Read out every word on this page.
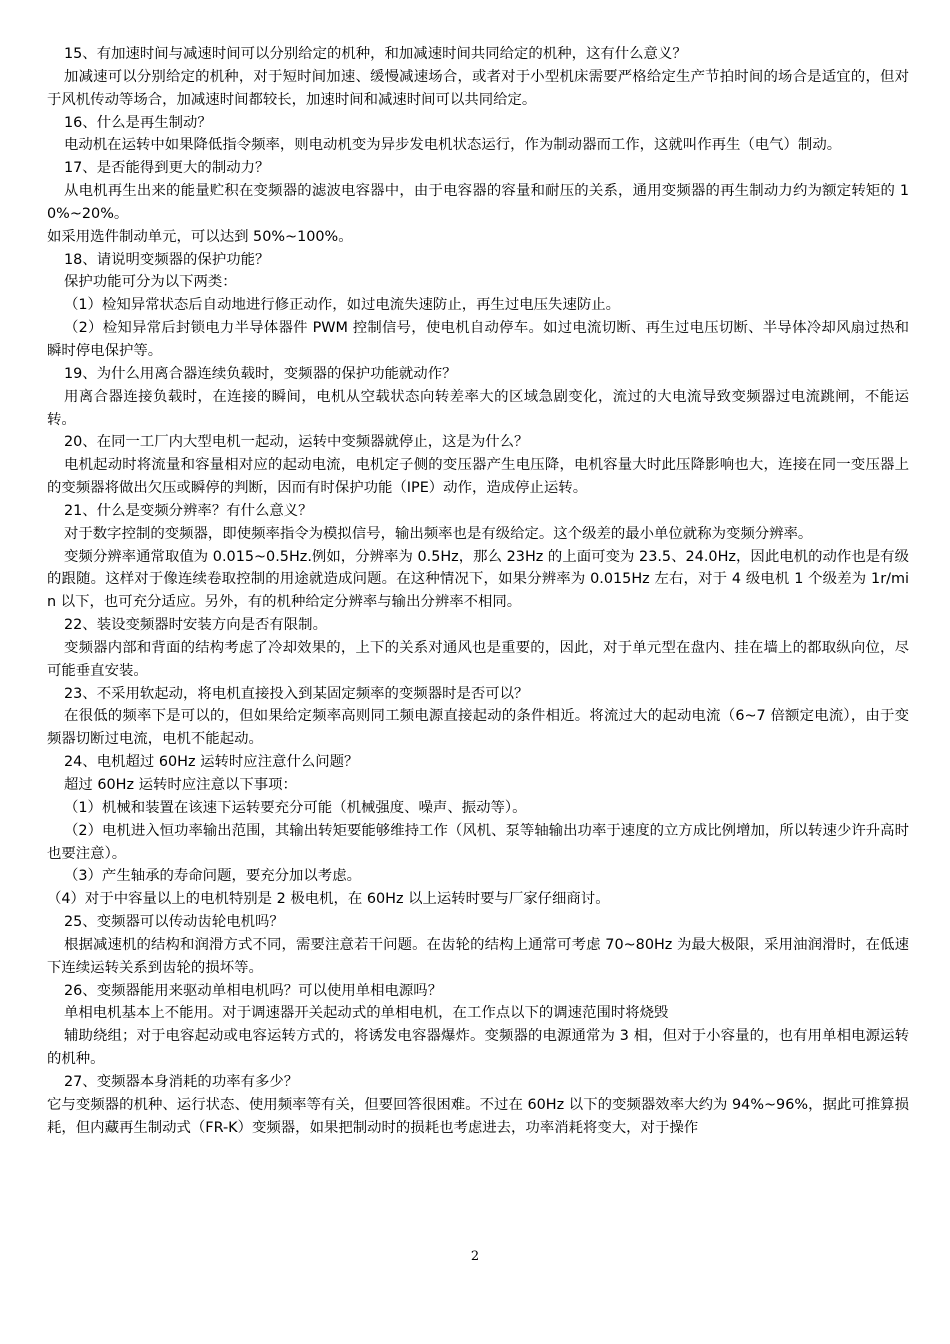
15、有加速时间与减速时间可以分别给定的机种，和加减速时间共同给定的机种，这有什么意义？

加减速可以分别给定的机种，对于短时间加速、缓慢减速场合，或者对于小型机床需要严格给定生产节拍时间的场合是适宜的，但对于风机传动等场合，加减速时间都较长，加速时间和减速时间可以共同给定。

16、什么是再生制动？

电动机在运转中如果降低指令频率，则电动机变为异步发电机状态运行，作为制动器而工作，这就叫作再生（电气）制动。

17、是否能得到更大的制动力？

从电机再生出来的能量贮积在变频器的滤波电容器中，由于电容器的容量和耐压的关系，通用变频器的再生制动力约为额定转矩的 10%~20%。

如采用选件制动单元，可以达到 50%~100%。

18、请说明变频器的保护功能？

保护功能可分为以下两类：

（1）检知异常状态后自动地进行修正动作，如过电流失速防止，再生过电压失速防止。

（2）检知异常后封锁电力半导体器件 PWM 控制信号，使电机自动停车。如过电流切断、再生过电压切断、半导体冷却风扇过热和瞬时停电保护等。

19、为什么用离合器连续负载时，变频器的保护功能就动作？

用离合器连接负载时，在连接的瞬间，电机从空载状态向转差率大的区域急剧变化，流过的大电流导致变频器过电流跳闸，不能运转。

20、在同一工厂内大型电机一起动，运转中变频器就停止，这是为什么？

电机起动时将流量和容量相对应的起动电流，电机定子侧的变压器产生电压降，电机容量大时此压降影响也大，连接在同一变压器上的变频器将做出欠压或瞬停的判断，因而有时保护功能（IPE）动作，造成停止运转。

21、什么是变频分辨率？有什么意义？

对于数字控制的变频器，即使频率指令为模拟信号，输出频率也是有级给定。这个级差的最小单位就称为变频分辨率。

变频分辨率通常取值为 0.015~0.5Hz.例如，分辨率为 0.5Hz，那么 23Hz 的上面可变为 23.5、24.0Hz，因此电机的动作也是有级的跟随。这样对于像连续卷取控制的用途就造成问题。在这种情况下，如果分辨率为 0.015Hz 左右，对于 4 级电机 1 个级差为 1r/min 以下，也可充分适应。另外，有的机种给定分辨率与输出分辨率不相同。

22、装设变频器时安装方向是否有限制。

变频器内部和背面的结构考虑了冷却效果的，上下的关系对通风也是重要的，因此，对于单元型在盘内、挂在墙上的都取纵向位，尽可能垂直安装。

23、不采用软起动，将电机直接投入到某固定频率的变频器时是否可以？

在很低的频率下是可以的，但如果给定频率高则同工频电源直接起动的条件相近。将流过大的起动电流（6~7 倍额定电流），由于变频器切断过电流，电机不能起动。

24、电机超过 60Hz 运转时应注意什么问题？

超过 60Hz 运转时应注意以下事项：

（1）机械和装置在该速下运转要充分可能（机械强度、噪声、振动等）。

（2）电机进入恒功率输出范围，其输出转矩要能够维持工作（风机、泵等轴输出功率于速度的立方成比例增加，所以转速少许升高时也要注意）。

（3）产生轴承的寿命问题，要充分加以考虑。

（4）对于中容量以上的电机特别是 2 极电机，在 60Hz 以上运转时要与厂家仔细商讨。

25、变频器可以传动齿轮电机吗？

根据减速机的结构和润滑方式不同，需要注意若干问题。在齿轮的结构上通常可考虑 70~80Hz 为最大极限，采用油润滑时，在低速下连续运转关系到齿轮的损坏等。

26、变频器能用来驱动单相电机吗？可以使用单相电源吗？

单相电机基本上不能用。对于调速器开关起动式的单相电机，在工作点以下的调速范围时将烧毁

辅助绕组；对于电容起动或电容运转方式的，将诱发电容器爆炸。变频器的电源通常为 3 相，但对于小容量的，也有用单相电源运转的机种。

27、变频器本身消耗的功率有多少？

它与变频器的机种、运行状态、使用频率等有关，但要回答很困难。不过在 60Hz 以下的变频器效率大约为 94%~96%，据此可推算损耗，但内藏再生制动式（FR-K）变频器，如果把制动时的损耗也考虑进去，功率消耗将变大，对于操作

2
